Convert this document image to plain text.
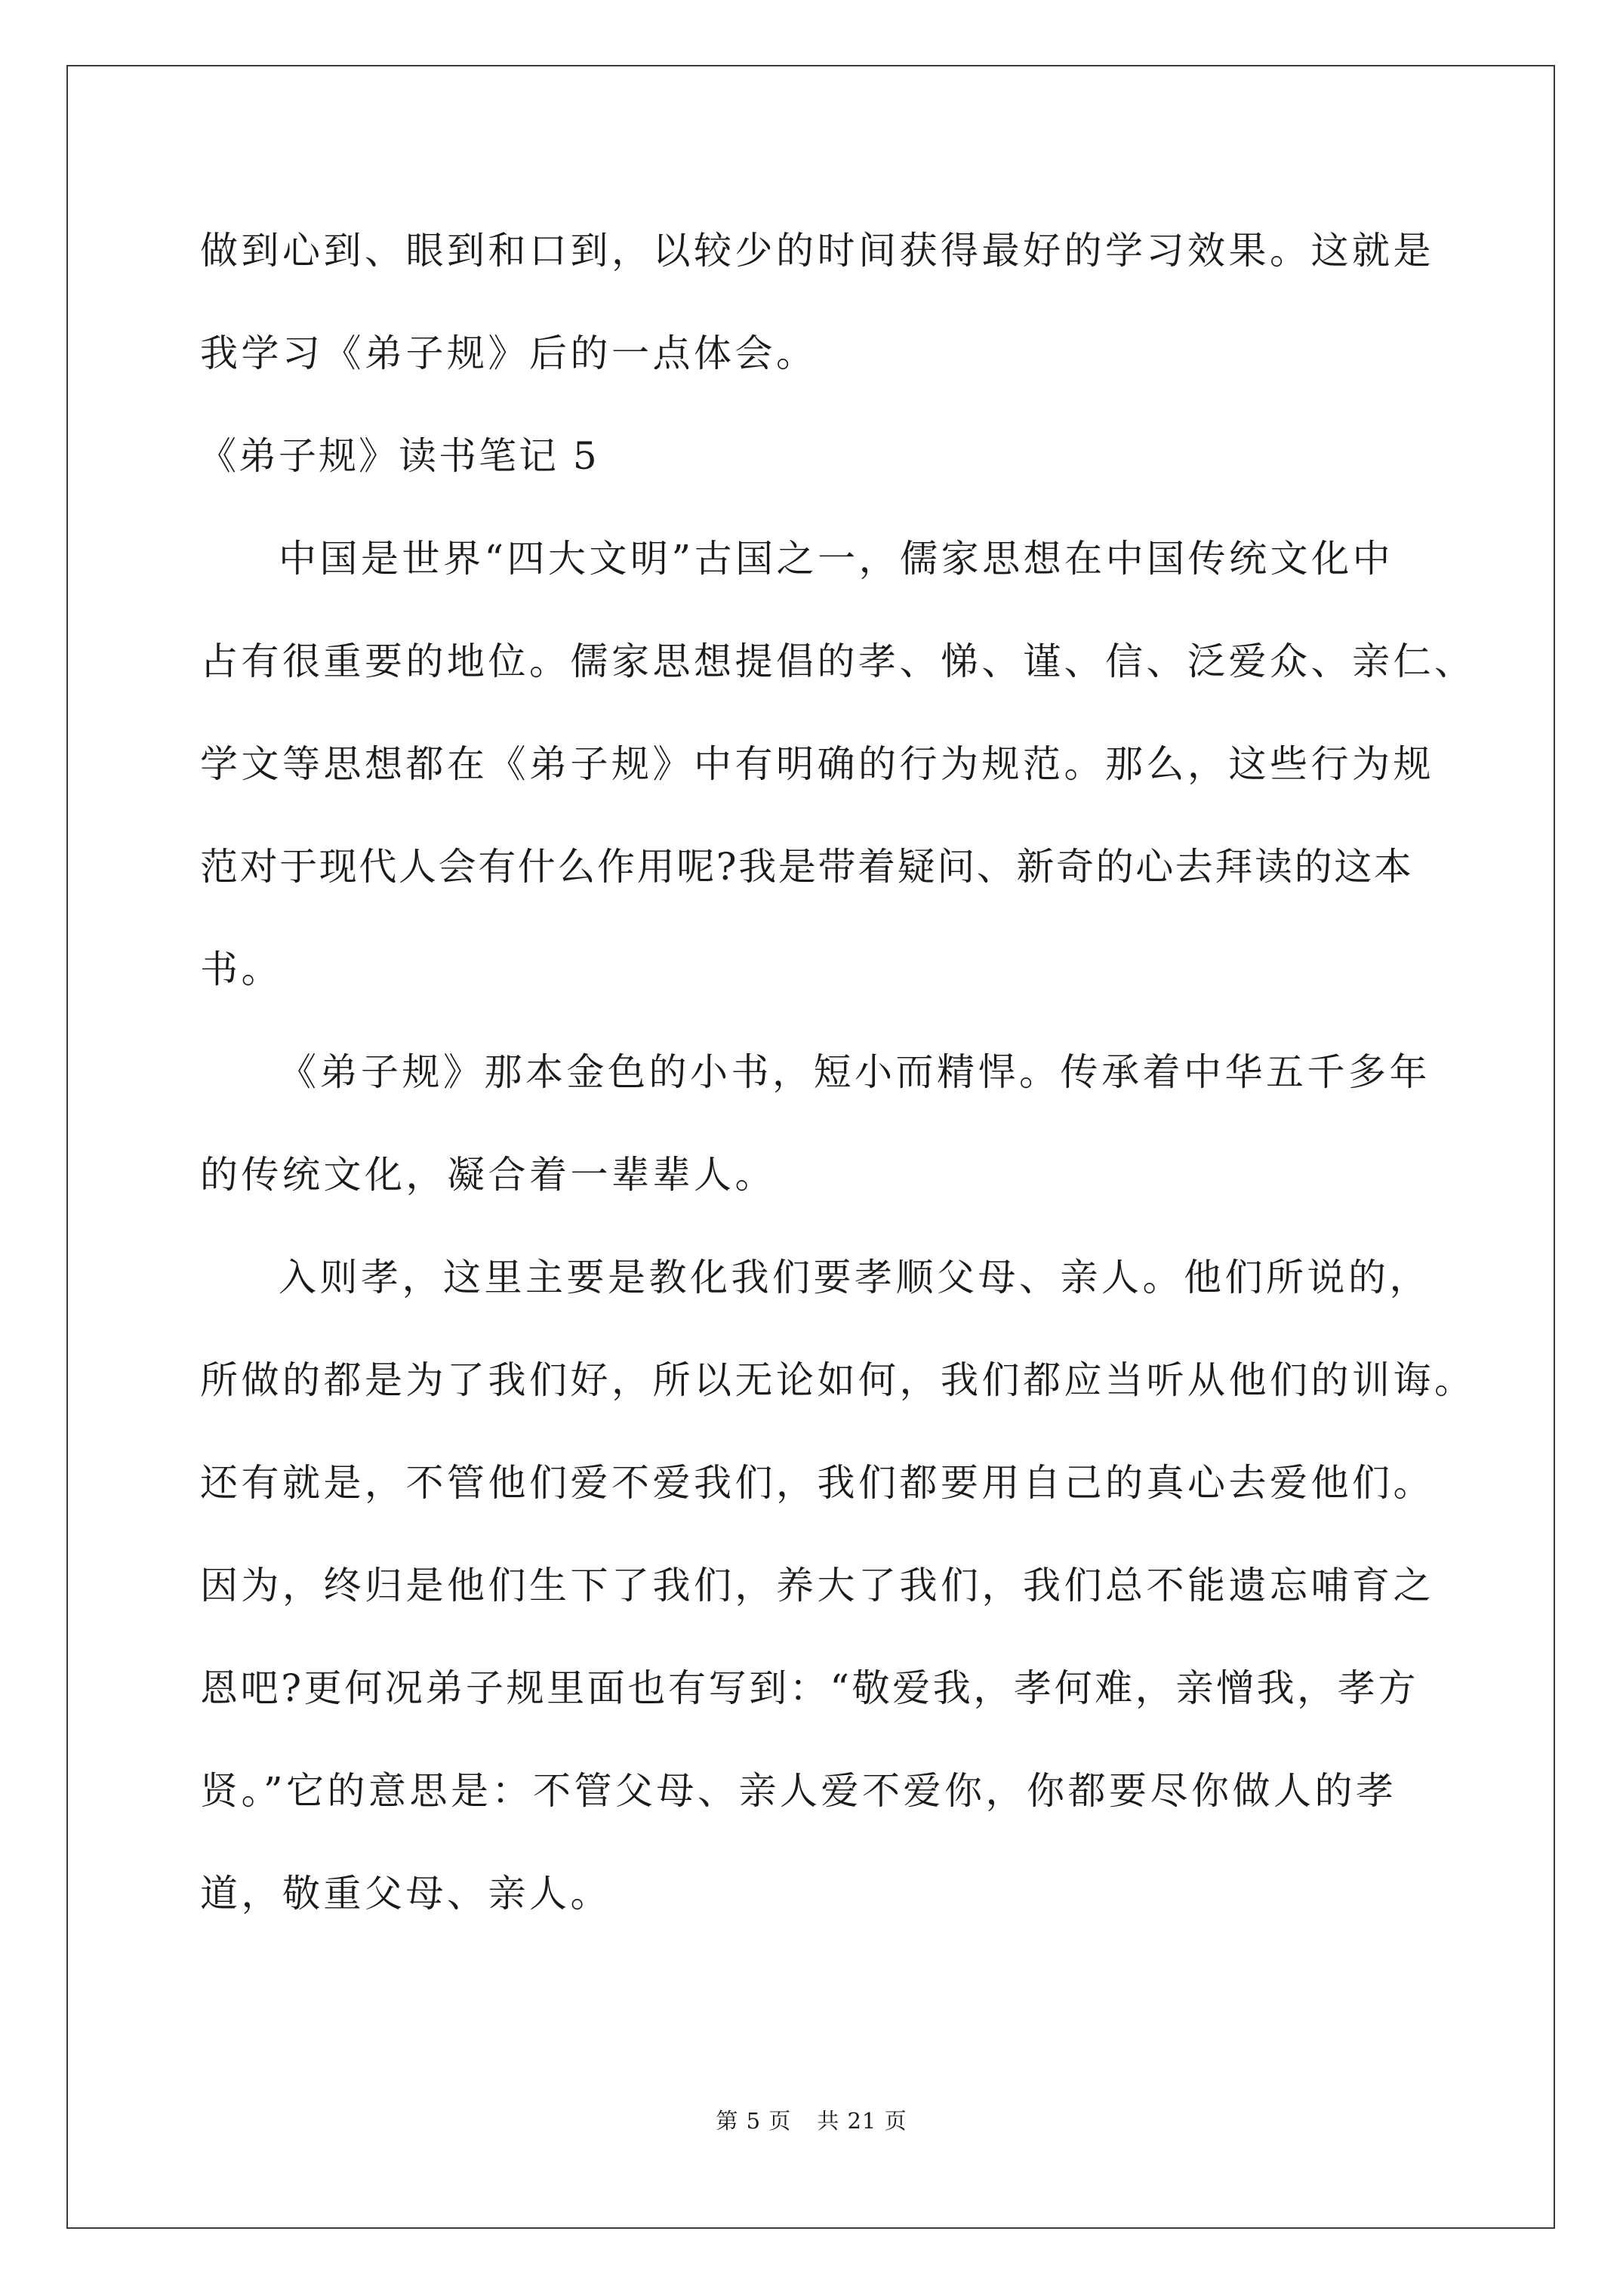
做到心到、眼到和口到，以较少的时间获得最好的学习效果。这就是
我学习《弟子规》后的一点体会。
《弟子规》读书笔记 5
中国是世界“四大文明”古国之一，儒家思想在中国传统文化中
占有很重要的地位。儒家思想提倡的孝、悌、谨、信、泛爱众、亲仁、
学文等思想都在《弟子规》中有明确的行为规范。那么，这些行为规
范对于现代人会有什么作用呢?我是带着疑问、新奇的心去拜读的这本
书。
《弟子规》那本金色的小书，短小而精悍。传承着中华五千多年
的传统文化，凝合着一辈辈人。
入则孝，这里主要是教化我们要孝顺父母、亲人。他们所说的，
所做的都是为了我们好，所以无论如何，我们都应当听从他们的训诲。
还有就是，不管他们爱不爱我们，我们都要用自己的真心去爱他们。
因为，终归是他们生下了我们，养大了我们，我们总不能遗忘哺育之
恩吧?更何况弟子规里面也有写到：“敬爱我，孝何难，亲憎我，孝方
贤。”它的意思是：不管父母、亲人爱不爱你，你都要尽你做人的孝
道，敬重父母、亲人。
第 5 页 共 21 页
